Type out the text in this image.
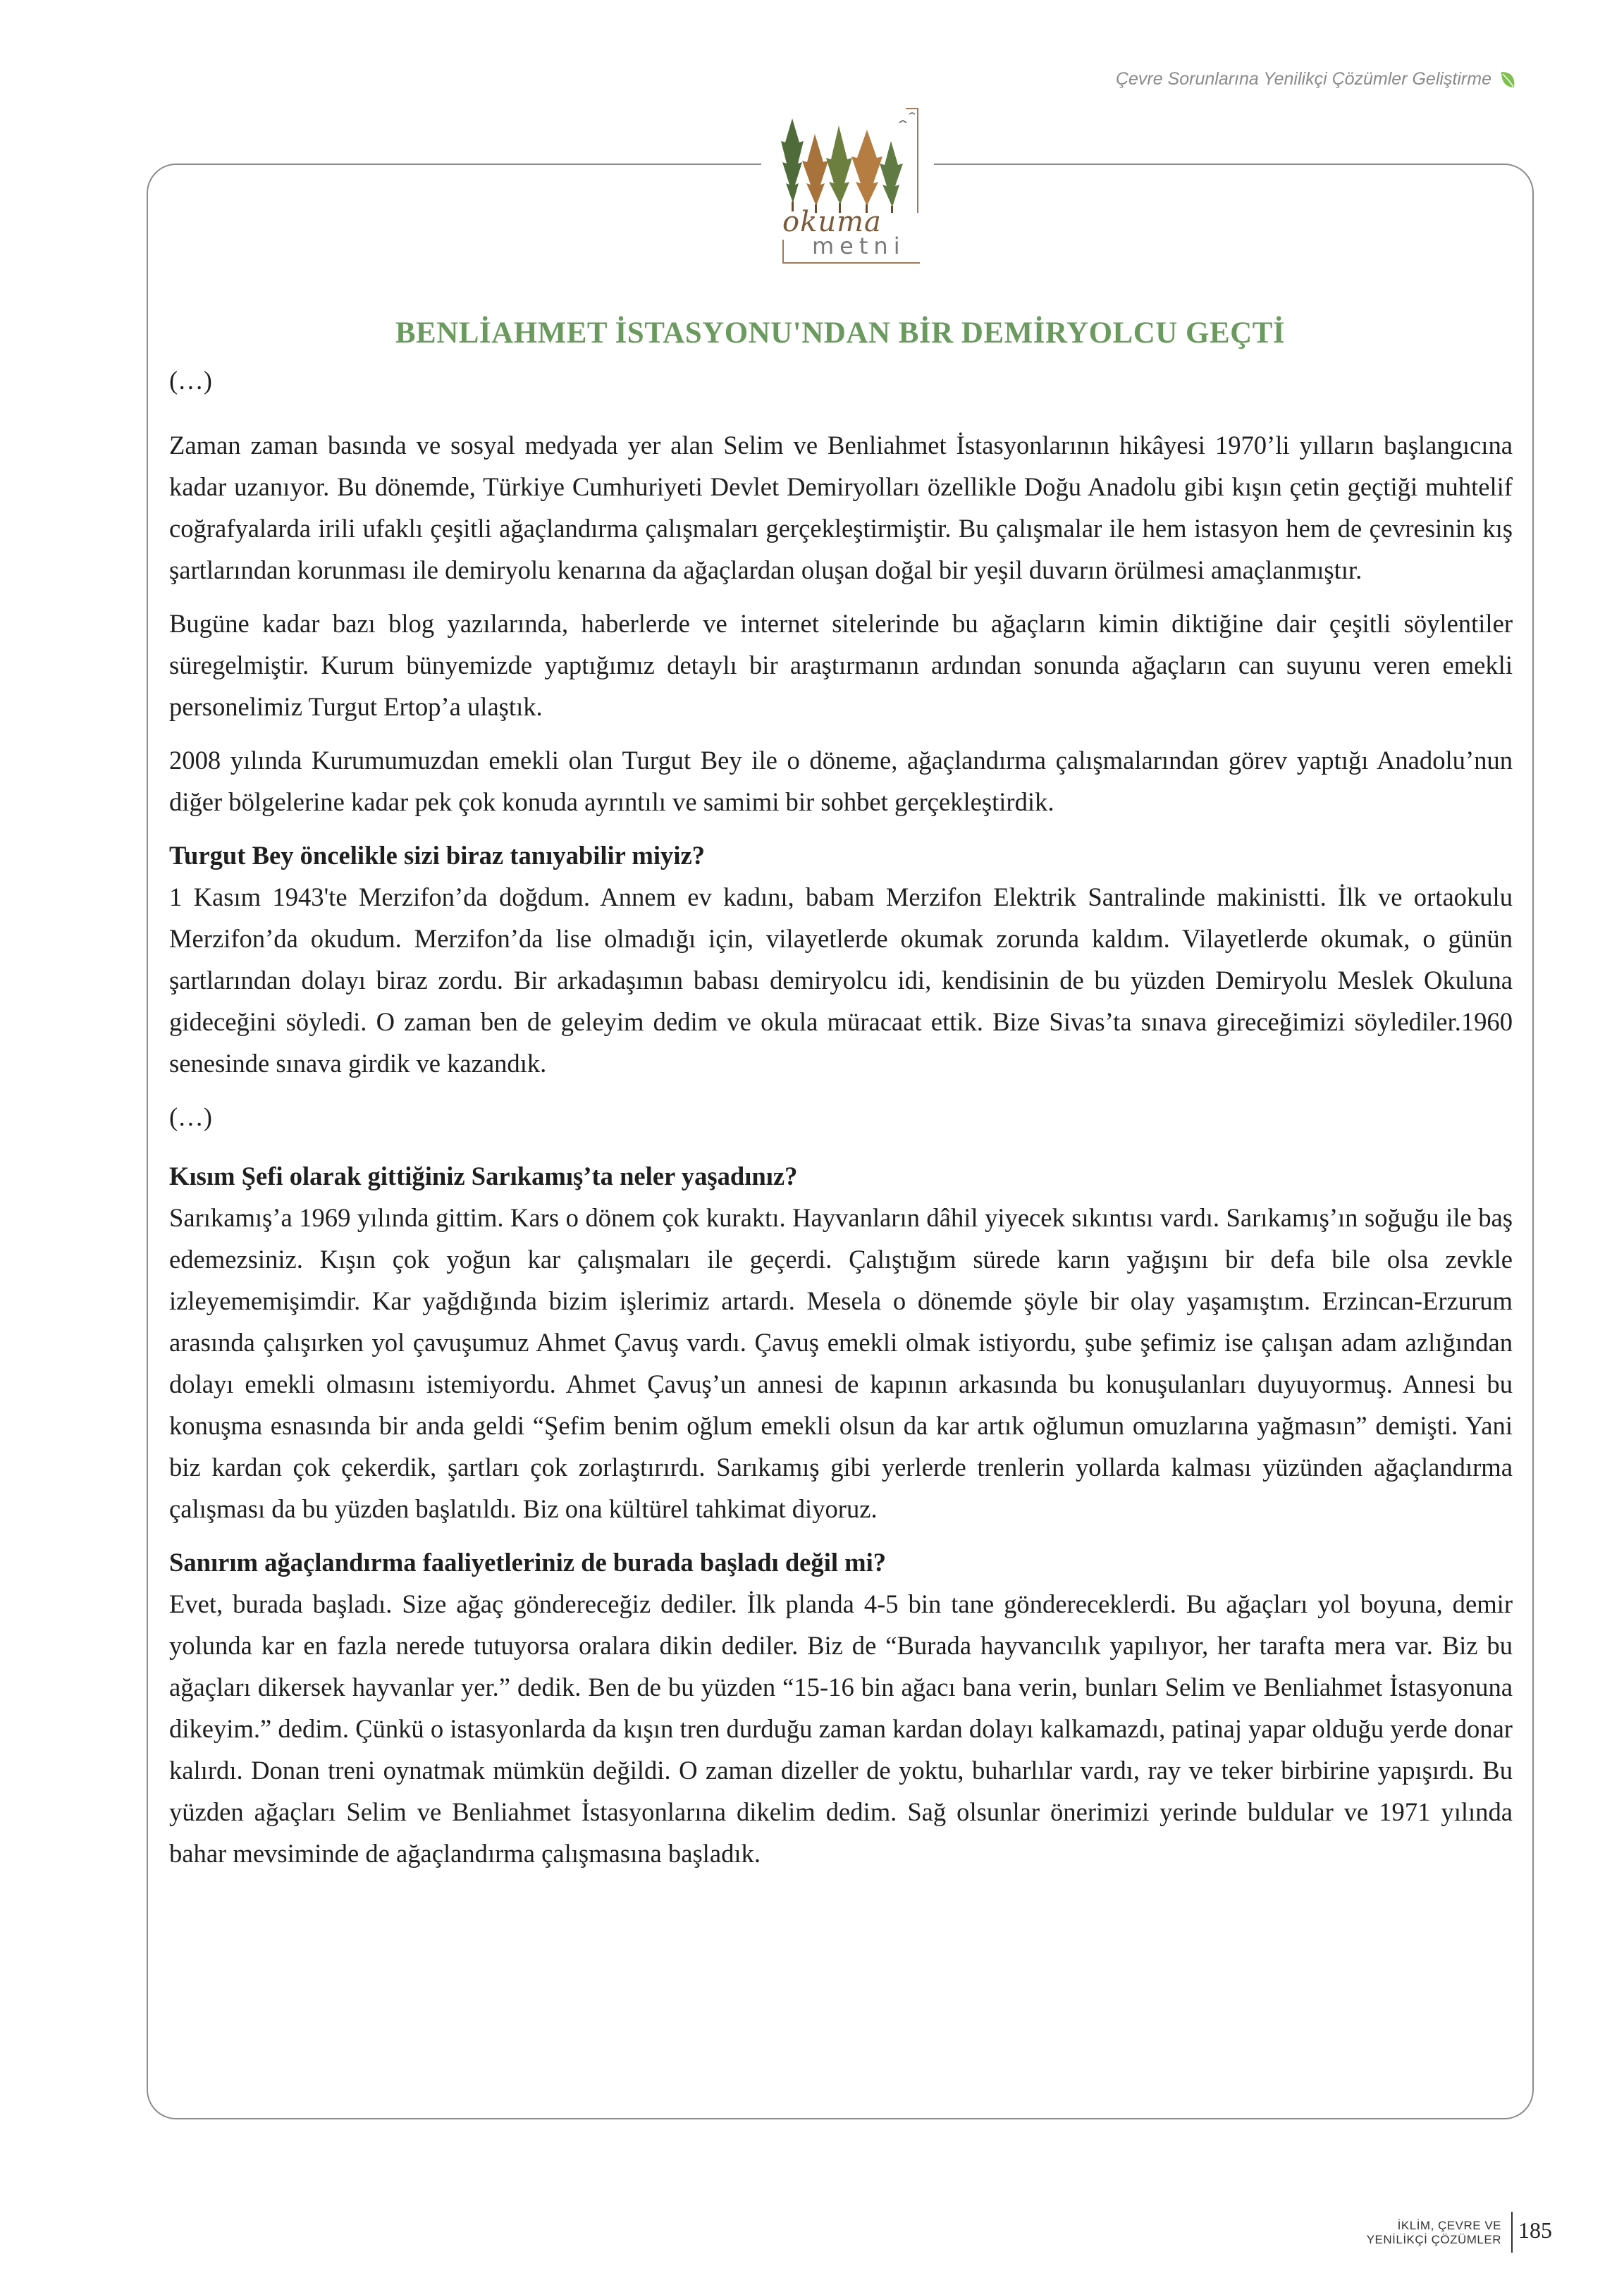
Çevre Sorunlarına Yenilikçi Çözümler Geliştirme
okuma
metni
BENLİAHMET İSTASYONU'NDAN BİR DEMİRYOLCU GEÇTİ

(…)

Zaman zaman basında ve sosyal medyada yer alan Selim ve Benliahmet İstasyonlarının hikâyesi 1970’li yılların başlangıcına kadar uzanıyor. Bu dönemde, Türkiye Cumhuriyeti Devlet Demiryolları özellikle Doğu Anadolu gibi kışın çetin geçtiği muhtelif coğrafyalarda irili ufaklı çeşitli ağaçlandırma çalışmaları gerçekleştirmiştir. Bu çalışmalar ile hem istasyon hem de çevresinin kış şartlarından korunması ile demiryolu kenarına da ağaçlardan oluşan doğal bir yeşil duvarın örülmesi amaçlanmıştır.

Bugüne kadar bazı blog yazılarında, haberlerde ve internet sitelerinde bu ağaçların kimin diktiğine dair çeşitli söylentiler süregelmiştir. Kurum bünyemizde yaptığımız detaylı bir araştırmanın ardından sonunda ağaçların can suyunu veren emekli personelimiz Turgut Ertop’a ulaştık.

2008 yılında Kurumumuzdan emekli olan Turgut Bey ile o döneme, ağaçlandırma çalışmalarından görev yaptığı Anadolu’nun diğer bölgelerine kadar pek çok konuda ayrıntılı ve samimi bir sohbet gerçekleştirdik.

Turgut Bey öncelikle sizi biraz tanıyabilir miyiz?
1 Kasım 1943'te Merzifon’da doğdum. Annem ev kadını, babam Merzifon Elektrik Santralinde makinistti. İlk ve ortaokulu Merzifon’da okudum. Merzifon’da lise olmadığı için, vilayetlerde okumak zorunda kaldım. Vilayetlerde okumak, o günün şartlarından dolayı biraz zordu. Bir arkadaşımın babası demiryolcu idi, kendisinin de bu yüzden Demiryolu Meslek Okuluna gideceğini söyledi. O zaman ben de geleyim dedim ve okula müracaat ettik. Bize Sivas’ta sınava gireceğimizi söylediler.1960 senesinde sınava girdik ve kazandık.

(…)

Kısım Şefi olarak gittiğiniz Sarıkamış’ta neler yaşadınız?
Sarıkamış’a 1969 yılında gittim. Kars o dönem çok kuraktı. Hayvanların dâhil yiyecek sıkıntısı vardı. Sarıkamış’ın soğuğu ile baş edemezsiniz. Kışın çok yoğun kar çalışmaları ile geçerdi. Çalıştığım sürede karın yağışını bir defa bile olsa zevkle izleyememişimdir. Kar yağdığında bizim işlerimiz artardı. Mesela o dönemde şöyle bir olay yaşamıştım. Erzincan-Erzurum arasında çalışırken yol çavuşumuz Ahmet Çavuş vardı. Çavuş emekli olmak istiyordu, şube şefimiz ise çalışan adam azlığından dolayı emekli olmasını istemiyordu. Ahmet Çavuş’un annesi de kapının arkasında bu konuşulanları duyuyormuş. Annesi bu konuşma esnasında bir anda geldi “Şefim benim oğlum emekli olsun da kar artık oğlumun omuzlarına yağmasın” demişti. Yani biz kardan çok çekerdik, şartları çok zorlaştırırdı. Sarıkamış gibi yerlerde trenlerin yollarda kalması yüzünden ağaçlandırma çalışması da bu yüzden başlatıldı. Biz ona kültürel tahkimat diyoruz.

Sanırım ağaçlandırma faaliyetleriniz de burada başladı değil mi?
Evet, burada başladı. Size ağaç göndereceğiz dediler. İlk planda 4-5 bin tane göndereceklerdi. Bu ağaçları yol boyuna, demir yolunda kar en fazla nerede tutuyorsa oralara dikin dediler. Biz de “Burada hayvancılık yapılıyor, her tarafta mera var. Biz bu ağaçları dikersek hayvanlar yer.” dedik. Ben de bu yüzden “15-16 bin ağacı bana verin, bunları Selim ve Benliahmet İstasyonuna dikeyim.” dedim. Çünkü o istasyonlarda da kışın tren durduğu zaman kardan dolayı kalkamazdı, patinaj yapar olduğu yerde donar kalırdı. Donan treni oynatmak mümkün değildi. O zaman dizeller de yoktu, buharlılar vardı, ray ve teker birbirine yapışırdı. Bu yüzden ağaçları Selim ve Benliahmet İstasyonlarına dikelim dedim. Sağ olsunlar önerimizi yerinde buldular ve 1971 yılında bahar mevsiminde de ağaçlandırma çalışmasına başladık.

İKLİM, ÇEVRE VE
YENİLİKÇİ ÇÖZÜMLER 185
